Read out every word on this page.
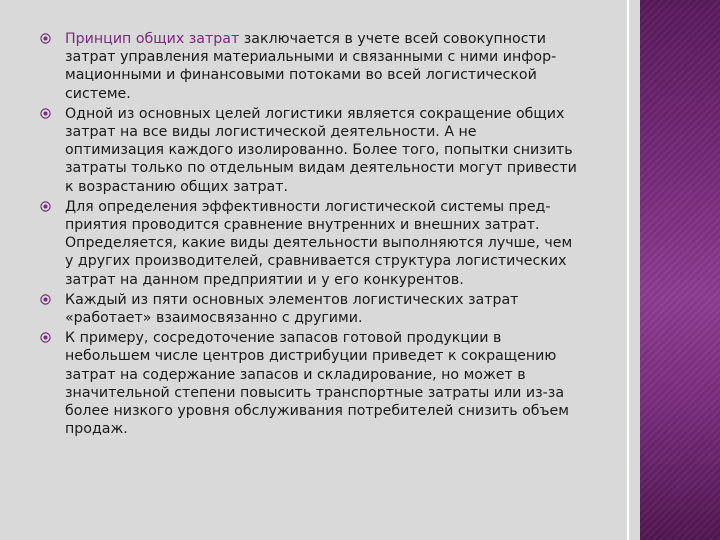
Принцип общих затрат заключается в учете всей совокупности затрат управления материальными и связанными с ними инфор-мационными и финансовыми потоками во всей логистической системе.
Одной из основных целей логистики является сокращение общих затрат на все виды логистической деятельности. А не оптимизация каждого изолированно. Более того, попытки снизить затраты только по отдельным видам деятельности могут привести к возрастанию общих затрат.
Для определения эффективности логистической системы пред-приятия проводится сравнение внутренних и внешних затрат. Определяется, какие виды деятельности выполняются лучше, чем у других производителей, сравнивается структура логистических затрат на данном предприятии и у его конкурентов.
Каждый из пяти основных элементов логистических затрат «работает» взаимосвязанно с другими.
К примеру, сосредоточение запасов готовой продукции в небольшем числе центров дистрибуции приведет к сокращению затрат на содержание запасов и складирование, но может в значительной степени повысить транспортные затраты или из-за более низкого уровня обслуживания потребителей снизить объем продаж.
